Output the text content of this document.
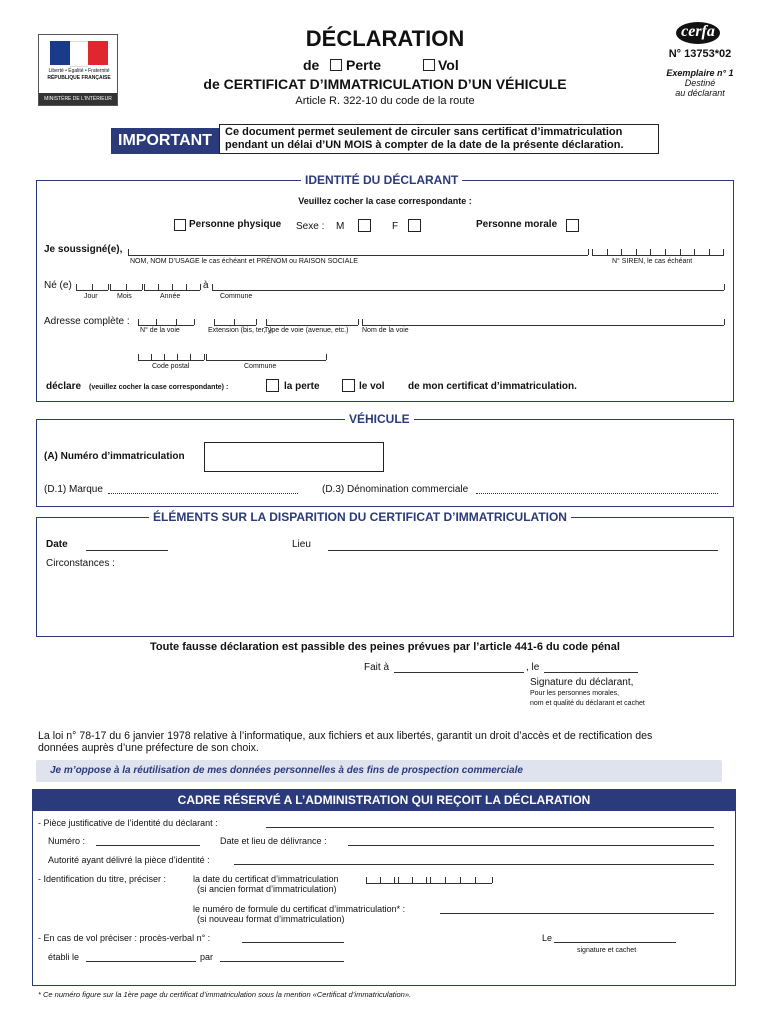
Liberté • Égalité • Fraternité
RÉPUBLIQUE FRANÇAISE
MINISTÈRE DE L'INTÉRIEUR
DÉCLARATION
de Perte	Vol
de CERTIFICAT D’IMMATRICULATION D’UN VÉHICULE
Article R. 322-10 du code de la route
cerfa
N° 13753*02
Exemplaire n° 1
Destiné
au déclarant
IMPORTANT	Ce document permet seulement de circuler sans certificat d’immatriculation
pendant un délai d’UN MOIS à compter de la date de la présente déclaration.
IDENTITÉ DU DÉCLARANT
Veuillez cocher la case correspondante :
Personne physique Sexe : M	F	Personne morale
Je soussigné(e),
NOM, NOM D’USAGE le cas échéant et PRÉNOM ou RAISON SOCIALE	N° SIREN, le cas échéant
Né (e)	à
Jour	Mois	Année	Commune
Adresse complète :
N° de la voie	Extension (bis, ter, .)
Type de voie (avenue, etc.) Nom de la voie
Code postal	Commune
déclare (veuillez cocher la case correspondante) :	la perte	le vol de mon certificat d’immatriculation.
VÉHICULE
(A) Numéro d’immatriculation
(D.1) Marque	(D.3) Dénomination commerciale
ÉLÉMENTS SUR LA DISPARITION DU CERTIFICAT D’IMMATRICULATION
Date	Lieu
Circonstances :
Toute fausse déclaration est passible des peines prévues par l’article 441-6 du code pénal
Fait à	, le
Signature du déclarant,
Pour les personnes morales,
nom et qualité du déclarant et cachet
La loi n° 78-17 du 6 janvier 1978 relative à l’informatique, aux fichiers et aux libertés, garantit un droit d’accès et de rectification des
données auprès d’une préfecture de son choix.
Je m’oppose à la réutilisation de mes données personnelles à des fins de prospection commerciale
CADRE RÉSERVÉ A L’ADMINISTRATION QUI REÇOIT LA DÉCLARATION
- Pièce justificative de l’identité du déclarant :
Numéro :	Date et lieu de délivrance :
Autorité ayant délivré la pièce d’identité :
- Identification du titre, préciser :	la date du certificat d’immatriculation
(si ancien format d’immatriculation)
le numéro de formule du certificat d’immatriculation* :
(si nouveau format d’immatriculation)
- En cas de vol préciser : procès-verbal n° :	Le
signature et cachet
établi le	par
* Ce numéro figure sur la 1ère page du certificat d’immatriculation sous la mention «Certificat d’immatriculation».
